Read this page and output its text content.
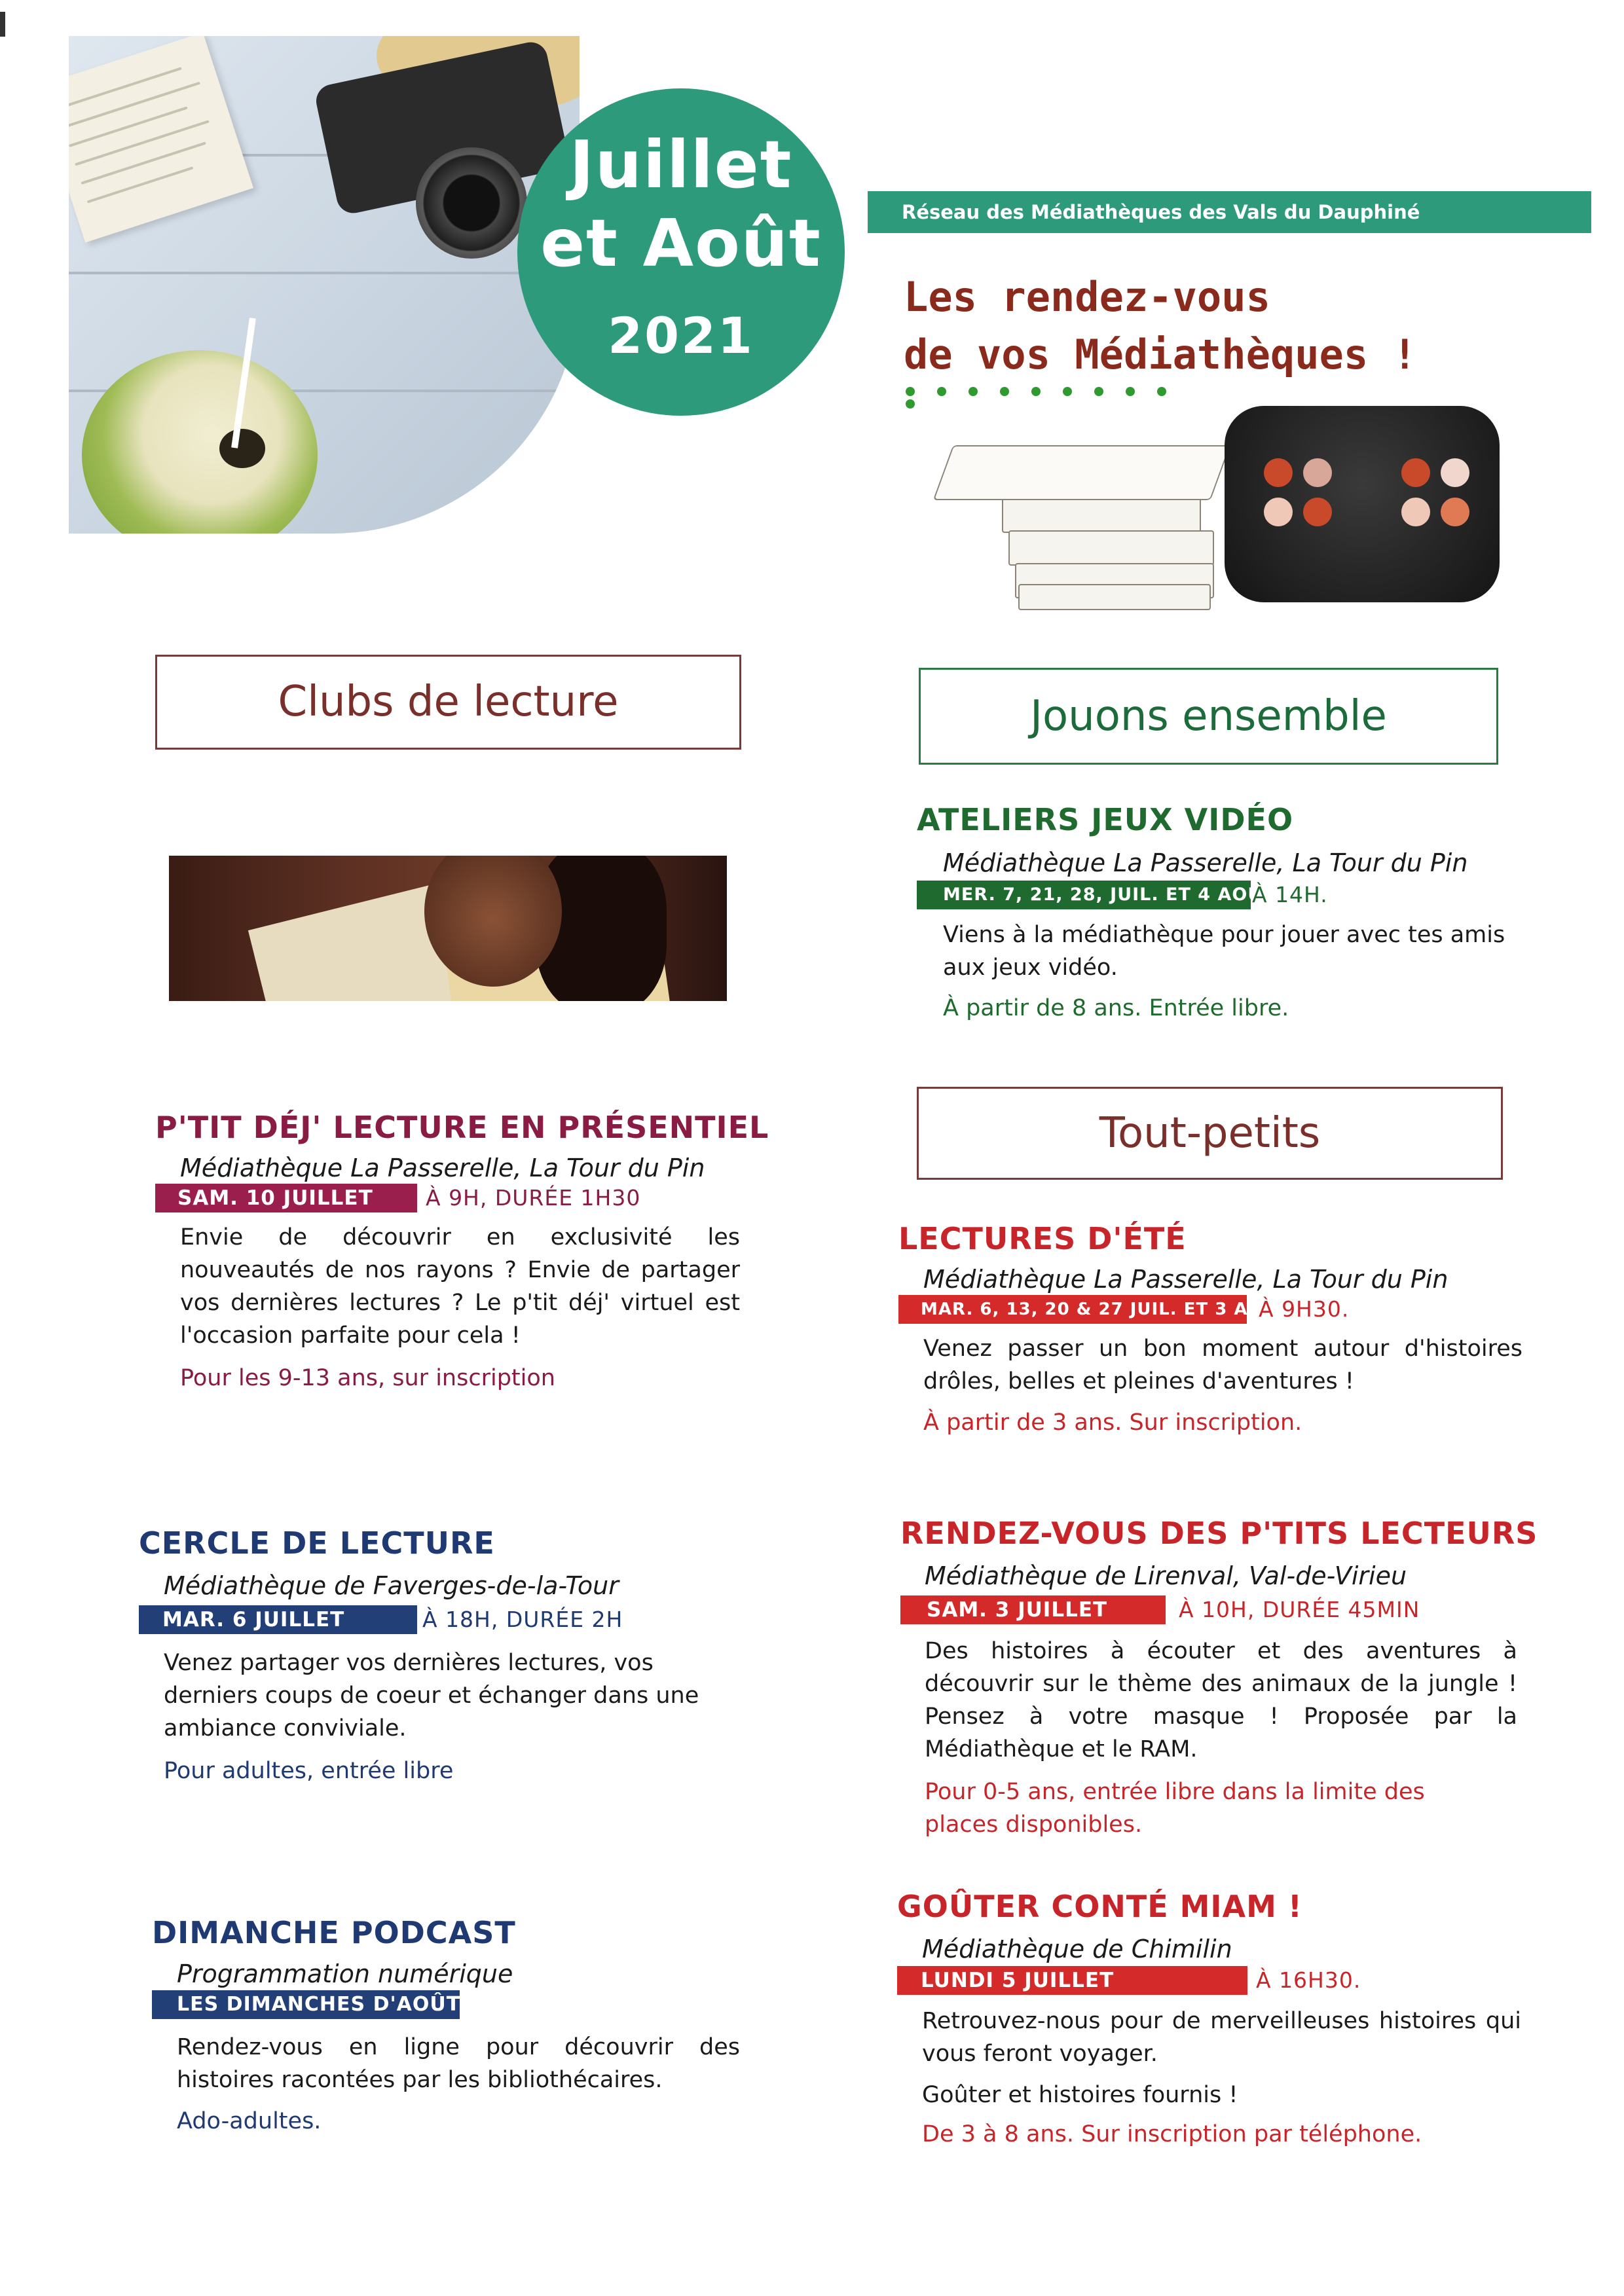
Juillet
et Août
2021
Réseau des Médiathèques des Vals du Dauphiné
Les rendez-vous
de vos Médiathèques !
Clubs de lecture	Jouons ensemble
Tout-petits
ATELIERS JEUX VIDÉO
Médiathèque La Passerelle, La Tour du Pin
MER. 7, 21, 28, JUIL. ET 4 AOÛT
À 14H.
Viens à la médiathèque pour jouer avec tes amis aux jeux vidéo.
À partir de 8 ans. Entrée libre.
P'TIT DÉJ' LECTURE EN PRÉSENTIEL
Médiathèque La Passerelle, La Tour du Pin
SAM. 10 JUILLET	À 9H, DURÉE 1H30
Envie de découvrir en exclusivité les nouveautés de nos rayons ? Envie de partager vos dernières lectures ? Le p'tit déj' virtuel est l'occasion parfaite pour cela !
Pour les 9-13 ans, sur inscription
LECTURES D'ÉTÉ
Médiathèque La Passerelle, La Tour du Pin
MAR. 6, 13, 20 & 27 JUIL. ET 3 AOÛT
À 9H30.
Venez passer un bon moment autour d'histoires drôles, belles et pleines d'aventures !
À partir de 3 ans. Sur inscription.
CERCLE DE LECTURE
Médiathèque de Faverges-de-la-Tour
MAR. 6 JUILLET	À 18H, DURÉE 2H
Venez partager vos dernières lectures, vos derniers coups de coeur et échanger dans une ambiance conviviale.
Pour adultes, entrée libre
RENDEZ-VOUS DES P'TITS LECTEURS
Médiathèque de Lirenval, Val-de-Virieu
SAM. 3 JUILLET	À 10H, DURÉE 45MIN
Des histoires à écouter et des aventures à découvrir sur le thème des animaux de la jungle ! Pensez à votre masque ! Proposée par la Médiathèque et le RAM.
Pour 0-5 ans, entrée libre dans la limite des places disponibles.
DIMANCHE PODCAST
Programmation numérique
LES DIMANCHES D'AOÛT
Rendez-vous en ligne pour découvrir des histoires racontées par les bibliothécaires.
Ado-adultes.
GOÛTER CONTÉ MIAM !
Médiathèque de Chimilin
LUNDI 5 JUILLET	À 16H30.
Retrouvez-nous pour de merveilleuses histoires qui vous feront voyager.
Goûter et histoires fournis !
De 3 à 8 ans. Sur inscription par téléphone.
